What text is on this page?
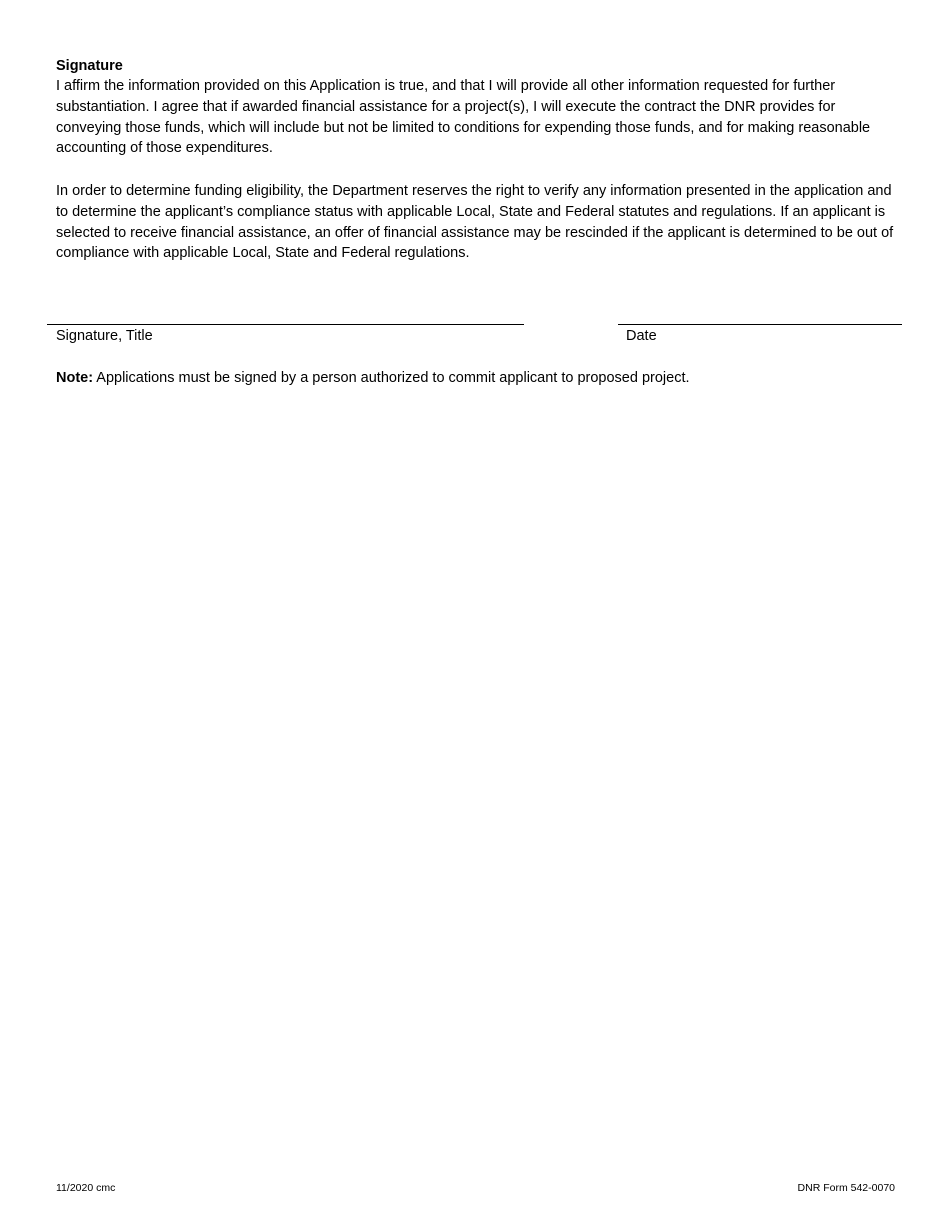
Signature

I affirm the information provided on this Application is true, and that I will provide all other information requested for further substantiation. I agree that if awarded financial assistance for a project(s), I will execute the contract the DNR provides for conveying those funds, which will include but not be limited to conditions for expending those funds, and for making reasonable accounting of those expenditures.

In order to determine funding eligibility, the Department reserves the right to verify any information presented in the application and to determine the applicant’s compliance status with applicable Local, State and Federal statutes and regulations. If an applicant is selected to receive financial assistance, an offer of financial assistance may be rescinded if the applicant is determined to be out of compliance with applicable Local, State and Federal regulations.

Signature, Title	Date
Note: Applications must be signed by a person authorized to commit applicant to proposed project.
11/2020 cmc	DNR Form 542-0070
